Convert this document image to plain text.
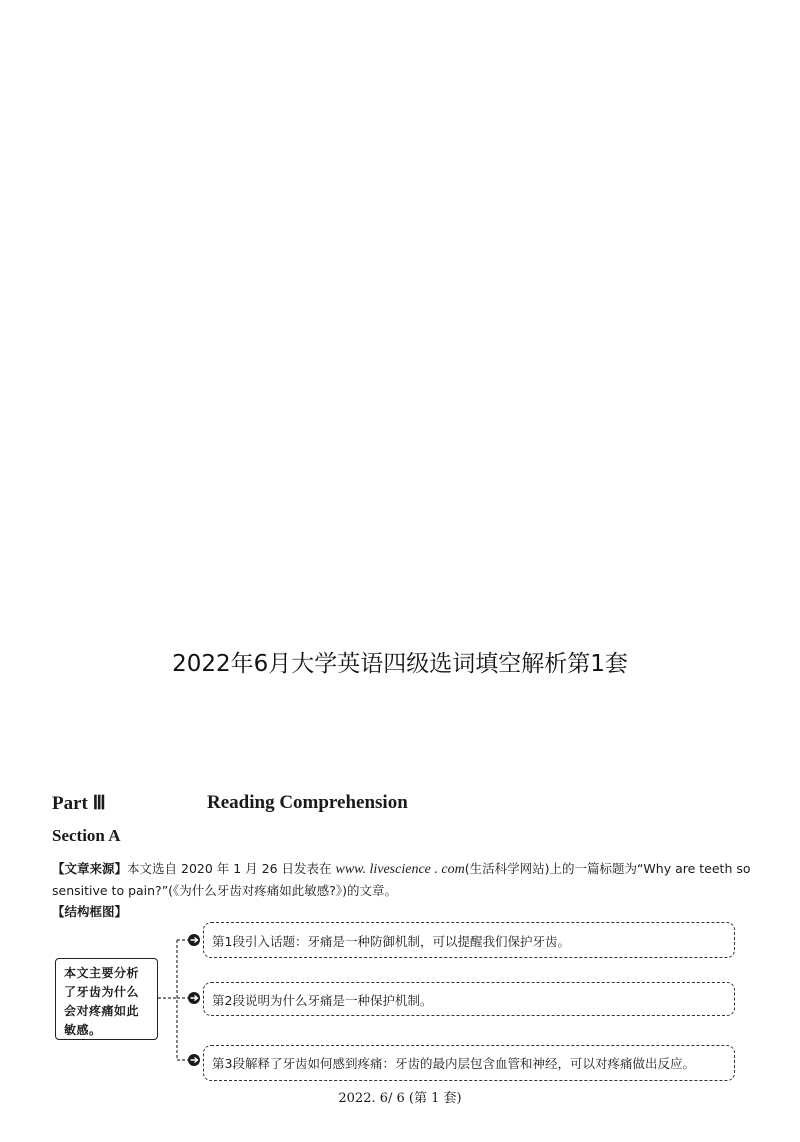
2022年6月大学英语四级选词填空解析第1套
Part Ⅲ	Reading Comprehension
Section A
【文章来源】本文选自 2020 年 1 月 26 日发表在 www. livescience . com(生活科学网站)上的一篇标题为“Why are teeth so sensitive to pain?”(《为什么牙齿对疼痛如此敏感?》)的文章。
【结构框图】
本文主要分析了牙齿为什么会对疼痛如此敏感。
第1段引入话题：牙痛是一种防御机制，可以提醒我们保护牙齿。
第2段说明为什么牙痛是一种保护机制。
第3段解释了牙齿如何感到疼痛：牙齿的最内层包含血管和神经，可以对疼痛做出反应。
2022. 6/ 6 (第 1 套)
